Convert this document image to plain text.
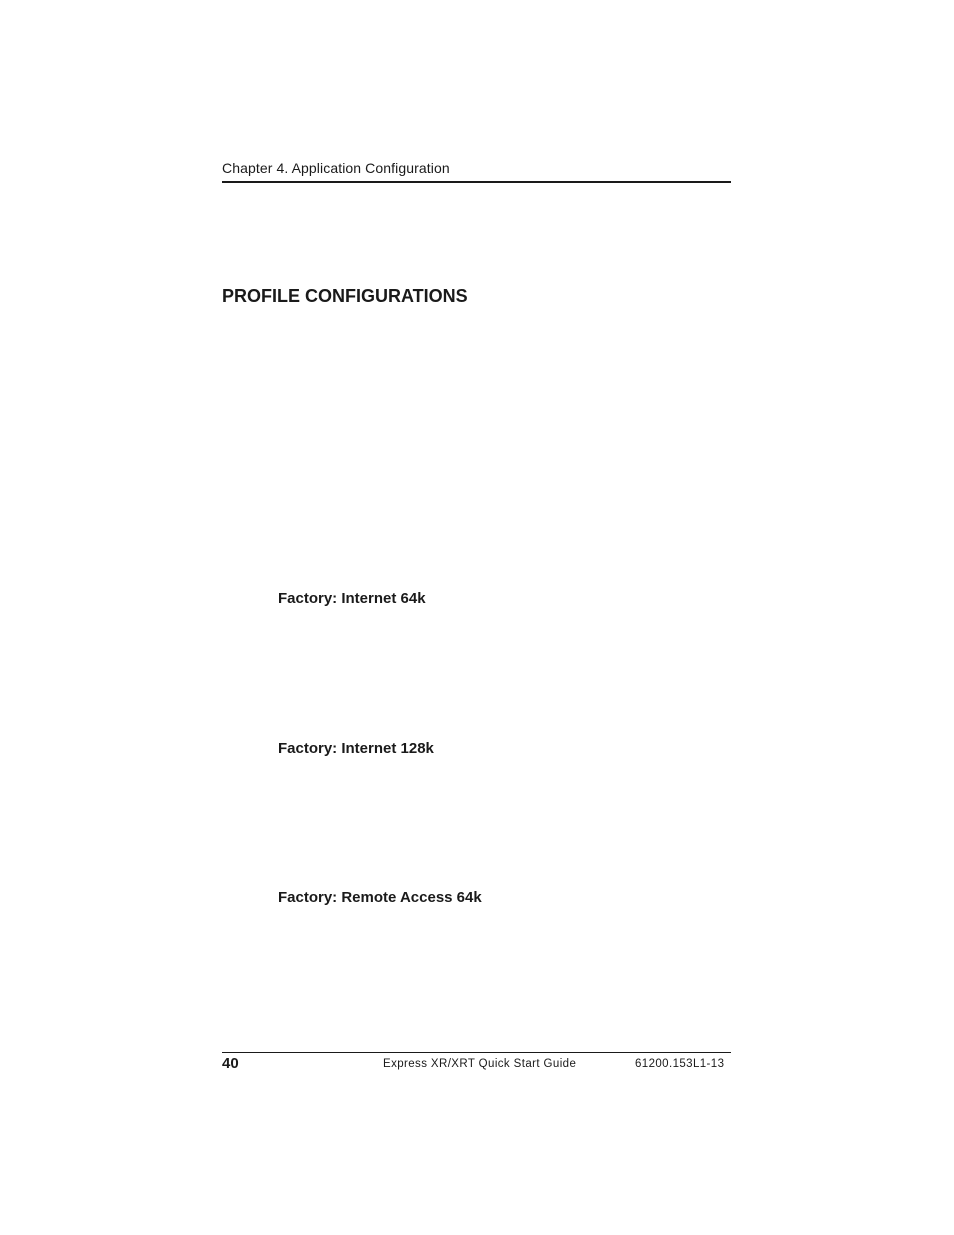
Chapter 4. Application Configuration
PROFILE CONFIGURATIONS
Factory: Internet 64k
Factory: Internet 128k
Factory: Remote Access 64k
40	Express XR/XRT Quick Start Guide	61200.153L1-13
